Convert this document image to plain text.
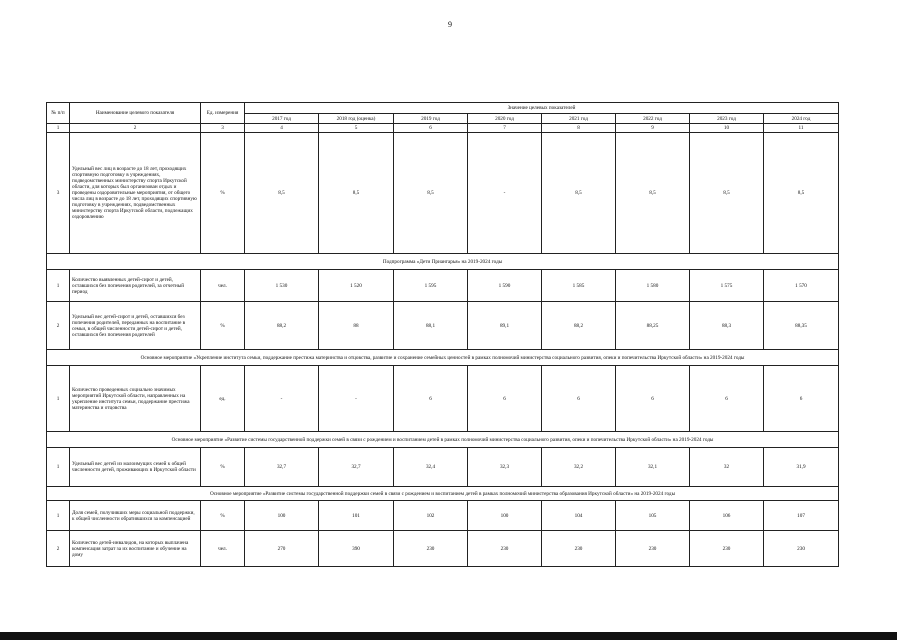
9
№ п/п	Наименование целевого показателя	Ед. измерения	Значение целевых показателей							
			2017 год	2018 год (оценка)	2019 год	2020 год	2021 год	2022 год	2023 год	2024 год
1	2	3	4	5	6	7	8	9	10	11
3	Удельный вес лиц в возрасте до 18 лет, проходящих спортивную подготовку в учреждениях, подведомственных министерству спорта Иркутской области, для которых был организован отдых и проведены оздоровительные мероприятия, от общего числа лиц в возрасте до 18 лет, проходящих спортивную подготовку в учреждениях, подведомственных министерству спорта Иркутской области, подлежащих оздоровлению	%	8,5	8,5	8,5	-	8,5	8,5	8,5	8,5
Подпрограмма «Дети Приангарья» на 2019-2024 годы										
1	Количество выявленных детей-сирот и детей, оставшихся без попечения родителей, за отчетный период	чел.	1 530	1 520	1 595	1 590	1 585	1 580	1 575	1 570
2	Удельный вес детей-сирот и детей, оставшихся без попечения родителей, переданных на воспитание в семьи, в общей численности детей-сирот и детей, оставшихся без попечения родителей	%	88,2	88	88,1	89,1	88,2	88,25	88,3	88,35
Основное мероприятие «Укрепление института семьи, поддержание престижа материнства и отцовства, развитие и сохранение семейных ценностей в рамках полномочий министерства социального развития, опеки и попечительства Иркутской области» на 2019-2024 годы										
1	Количество проведенных социально значимых мероприятий Иркутской области, направленных на укрепление института семьи, поддержание престижа материнства и отцовства	ед.	-	-	6	6	6	6	6	6
Основное мероприятие «Развитие системы государственной поддержки семей в связи с рождением и воспитанием детей в рамках полномочий министерства социального развития, опеки и попечительства Иркутской области» на 2019-2024 годы										
1	Удельный вес детей из малоимущих семей к общей численности детей, проживающих в Иркутской области	%	32,7	32,7	32,4	32,3	32,2	32,1	32	31,9
Основное мероприятие «Развитие системы государственной поддержки семей в связи с рождением и воспитанием детей в рамках полномочий министерства образования Иркутской области» на 2019-2024 годы										
1	Доля семей, получивших меры социальной поддержки, к общей численности обратившихся за компенсацией	%	100	101	102	100	104	105	106	107
2	Количество детей-инвалидов, на которых выплачена компенсация затрат за их воспитание и обучение на дому	чел.	270	390	230	230	230	230	230	230
